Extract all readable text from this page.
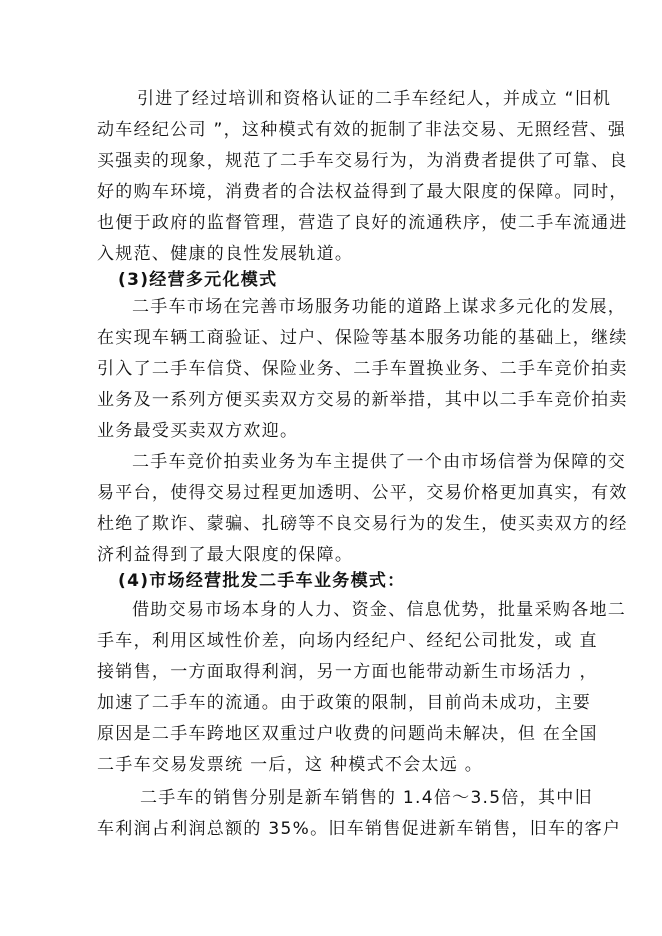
引进了经过培训和资格认证的二手车经纪人，并成立 “旧机
动车经纪公司 ”，这种模式有效的扼制了非法交易、无照经营、强
买强卖的现象，规范了二手车交易行为，为消费者提供了可靠、良
好的购车环境，消费者的合法权益得到了最大限度的保障。同时，
也便于政府的监督管理，营造了良好的流通秩序，使二手车流通进
入规范、健康的良性发展轨道。
(3)经营多元化模式
二手车市场在完善市场服务功能的道路上谋求多元化的发展，
在实现车辆工商验证、过户、保险等基本服务功能的基础上，继续
引入了二手车信贷、保险业务、二手车置换业务、二手车竞价拍卖
业务及一系列方便买卖双方交易的新举措，其中以二手车竞价拍卖
业务最受买卖双方欢迎。
二手车竞价拍卖业务为车主提供了一个由市场信誉为保障的交
易平台，使得交易过程更加透明、公平，交易价格更加真实，有效
杜绝了欺诈、蒙骗、扎磅等不良交易行为的发生，使买卖双方的经
济利益得到了最大限度的保障。
(4)市场经营批发二手车业务模式：
借助交易市场本身的人力、资金、信息优势，批量采购各地二
手车，利用区域性价差，向场内经纪户、经纪公司批发，或 直
接销售，一方面取得利润，另一方面也能带动新生市场活力 ，
加速了二手车的流通。由于政策的限制，目前尚未成功，主要
原因是二手车跨地区双重过户收费的问题尚未解决，但 在全国
二手车交易发票统 一后，这 种模式不会太远 。
二手车的销售分别是新车销售的 1.4倍～3.5倍，其中旧
车利润占利润总额的 35%。旧车销售促进新车销售，旧车的客户
